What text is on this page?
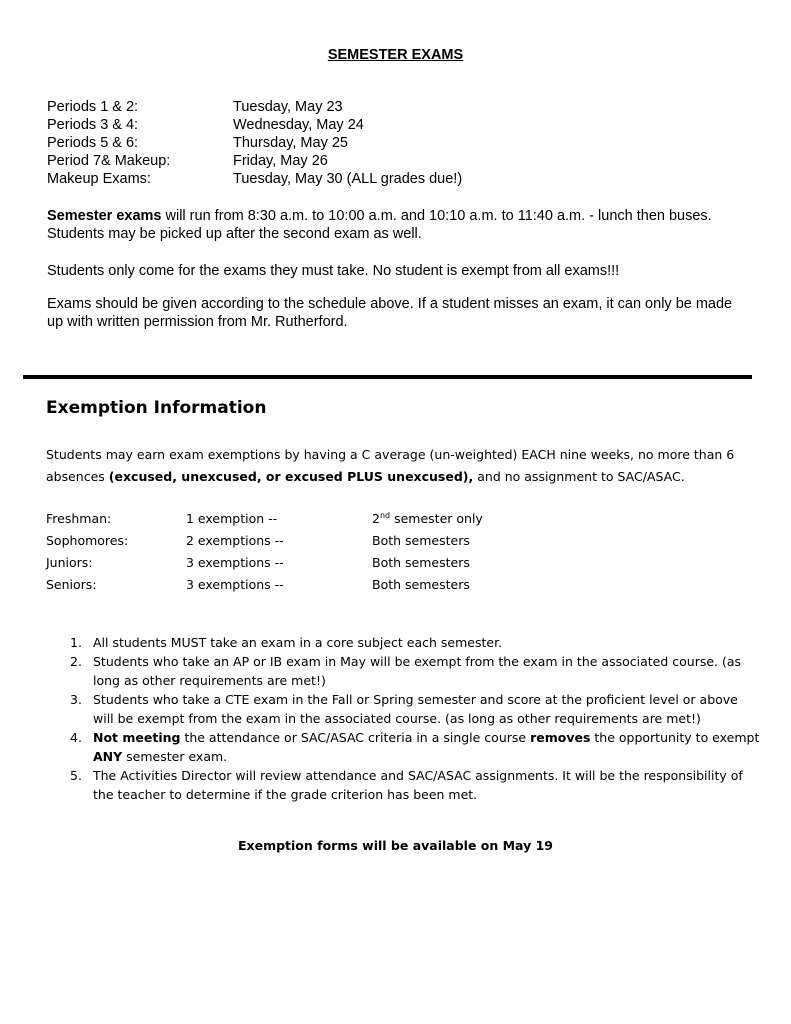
SEMESTER EXAMS
Periods 1 & 2:	Tuesday, May 23
Periods 3 & 4:	Wednesday, May 24
Periods 5 & 6:	Thursday, May 25
Period 7& Makeup:	Friday, May 26
Makeup Exams:	Tuesday, May 30 (ALL grades due!)
Semester exams will run from 8:30 a.m. to 10:00 a.m. and 10:10 a.m. to 11:40 a.m. - lunch then buses. Students may be picked up after the second exam as well.
Students only come for the exams they must take. No student is exempt from all exams!!!
Exams should be given according to the schedule above. If a student misses an exam, it can only be made up with written permission from Mr. Rutherford.
Exemption Information
Students may earn exam exemptions by having a C average (un-weighted) EACH nine weeks, no more than 6 absences (excused, unexcused, or excused PLUS unexcused), and no assignment to SAC/ASAC.
Freshman:	1 exemption --	2nd semester only
Sophomores:	2 exemptions --	Both semesters
Juniors:	3 exemptions --	Both semesters
Seniors:	3 exemptions --	Both semesters
1. All students MUST take an exam in a core subject each semester.
2. Students who take an AP or IB exam in May will be exempt from the exam in the associated course. (as long as other requirements are met!)
3. Students who take a CTE exam in the Fall or Spring semester and score at the proficient level or above will be exempt from the exam in the associated course. (as long as other requirements are met!)
4. Not meeting the attendance or SAC/ASAC criteria in a single course removes the opportunity to exempt ANY semester exam.
5. The Activities Director will review attendance and SAC/ASAC assignments. It will be the responsibility of the teacher to determine if the grade criterion has been met.
Exemption forms will be available on May 19
